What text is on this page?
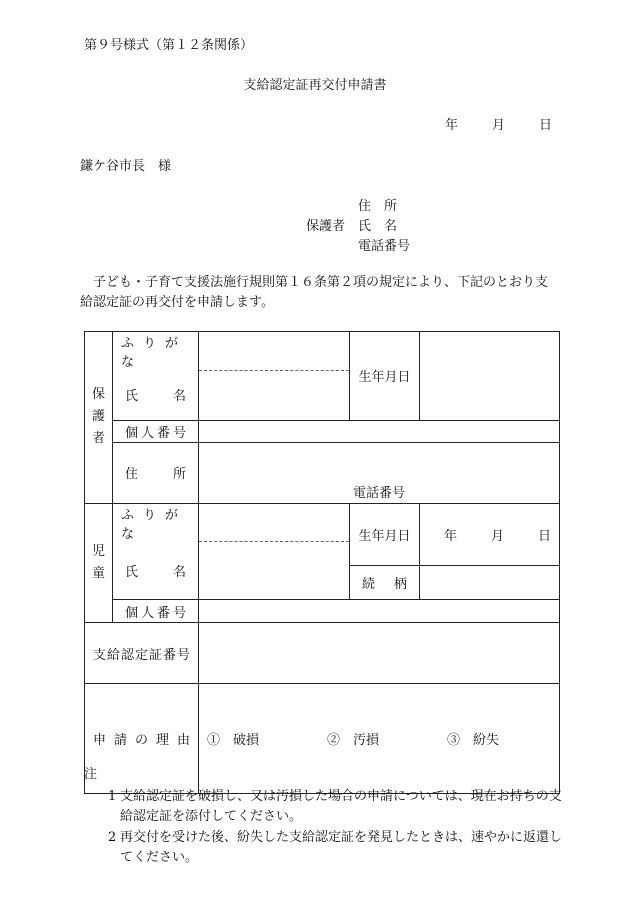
第９号様式（第１２条関係）
支給認定証再交付申請書
年	月	日
鎌ケ谷市長　様
住　所
保護者 氏　名
電話番号
子ども・子育て支援法施行規則第１６条第２項の規定により、下記のとおり支給認定証の再交付を申請します。
保護者	ふりがな		生年月日	
	氏名			
	個人番号			
	住所	電話番号		
児童	ふりがな		生年月日	年 月 日
	氏名			
			続柄	
	個人番号			
支給認定証番号				
申請の理由		①　破損 ②　汚損 ③　紛失		
注
1 支給認定証を破損し、又は汚損した場合の申請については、現在お持ちの支給認定証を添付してください。
2 再交付を受けた後、紛失した支給認定証を発見したときは、速やかに返還してください。
